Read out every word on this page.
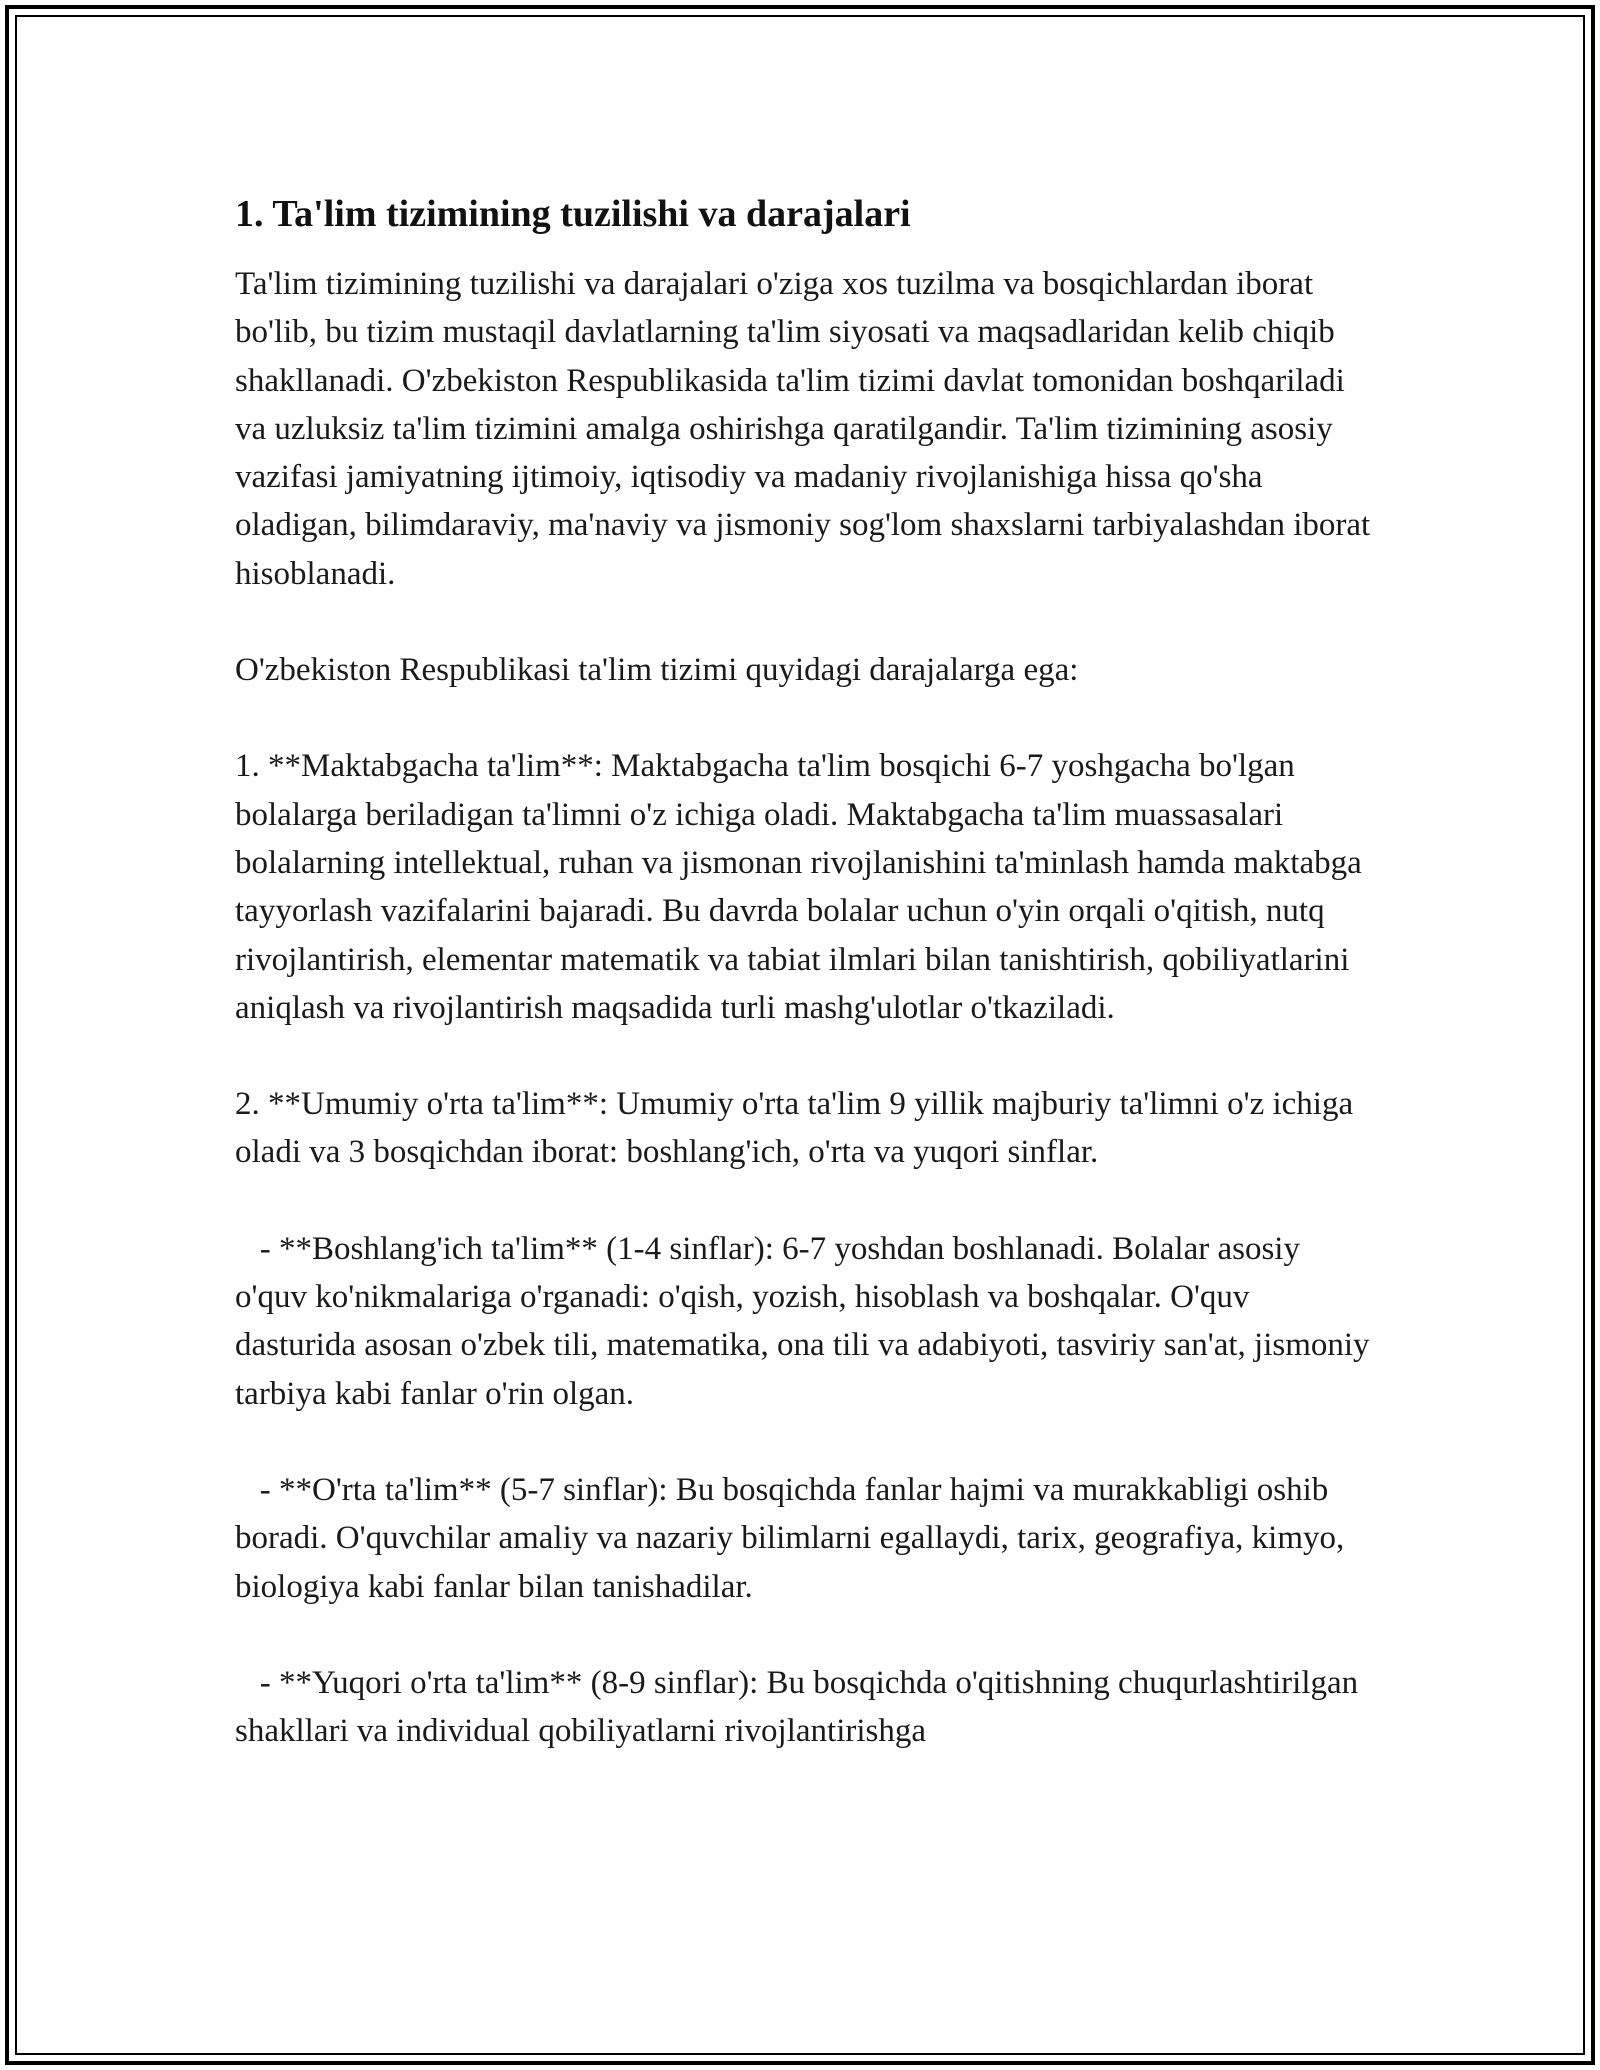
1. Ta'lim tizimining tuzilishi va darajalari

Ta'lim tizimining tuzilishi va darajalari o'ziga xos tuzilma va bosqichlardan iborat bo'lib, bu tizim mustaqil davlatlarning ta'lim siyosati va maqsadlaridan kelib chiqib shakllanadi. O'zbekiston Respublikasida ta'lim tizimi davlat tomonidan boshqariladi va uzluksiz ta'lim tizimini amalga oshirishga qaratilgandir. Ta'lim tizimining asosiy vazifasi jamiyatning ijtimoiy, iqtisodiy va madaniy rivojlanishiga hissa qo'sha oladigan, bilimdaraviy, ma'naviy va jismoniy sog'lom shaxslarni tarbiyalashdan iborat hisoblanadi.

O'zbekiston Respublikasi ta'lim tizimi quyidagi darajalarga ega:

1. **Maktabgacha ta'lim**: Maktabgacha ta'lim bosqichi 6-7 yoshgacha bo'lgan bolalarga beriladigan ta'limni o'z ichiga oladi. Maktabgacha ta'lim muassasalari bolalarning intellektual, ruhan va jismonan rivojlanishini ta'minlash hamda maktabga tayyorlash vazifalarini bajaradi. Bu davrda bolalar uchun o'yin orqali o'qitish, nutq rivojlantirish, elementar matematik va tabiat ilmlari bilan tanishtirish, qobiliyatlarini aniqlash va rivojlantirish maqsadida turli mashg'ulotlar o'tkaziladi.

2. **Umumiy o'rta ta'lim**: Umumiy o'rta ta'lim 9 yillik majburiy ta'limni o'z ichiga oladi va 3 bosqichdan iborat: boshlang'ich, o'rta va yuqori sinflar.

- **Boshlang'ich ta'lim** (1-4 sinflar): 6-7 yoshdan boshlanadi. Bolalar asosiy o'quv ko'nikmalariga o'rganadi: o'qish, yozish, hisoblash va boshqalar. O'quv dasturida asosan o'zbek tili, matematika, ona tili va adabiyoti, tasviriy san'at, jismoniy tarbiya kabi fanlar o'rin olgan.

- **O'rta ta'lim** (5-7 sinflar): Bu bosqichda fanlar hajmi va murakkabligi oshib boradi. O'quvchilar amaliy va nazariy bilimlarni egallaydi, tarix, geografiya, kimyo, biologiya kabi fanlar bilan tanishadilar.

- **Yuqori o'rta ta'lim** (8-9 sinflar): Bu bosqichda o'qitishning chuqurlashtirilgan shakllari va individual qobiliyatlarni rivojlantirishga
